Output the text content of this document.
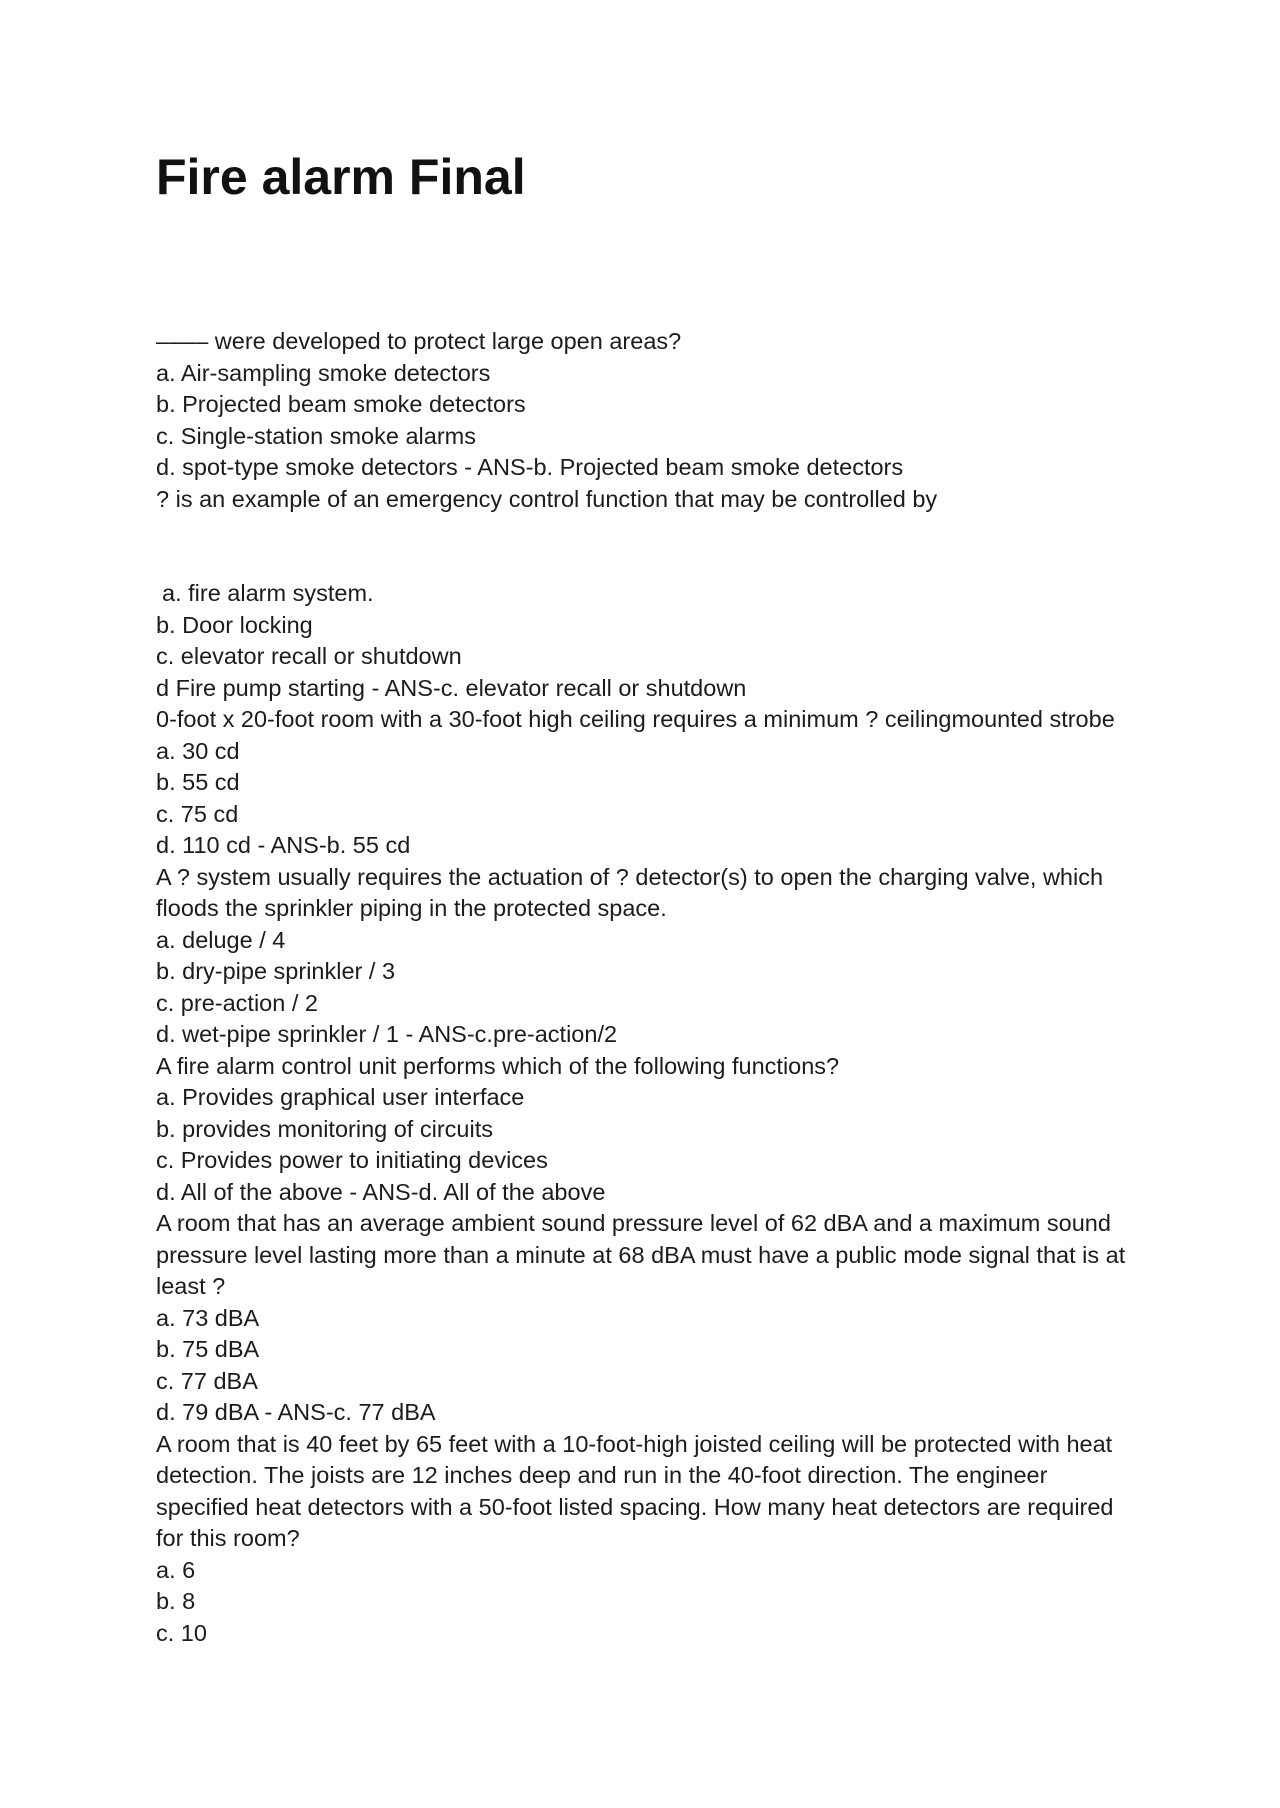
Fire alarm Final
–––– were developed to protect large open areas?
a. Air-sampling smoke detectors
b. Projected beam smoke detectors
c. Single-station smoke alarms
d. spot-type smoke detectors - ANS-b. Projected beam smoke detectors
? is an example of an emergency control function that may be controlled by
a. fire alarm system.
b. Door locking
c. elevator recall or shutdown
d Fire pump starting - ANS-c. elevator recall or shutdown
0-foot x 20-foot room with a 30-foot high ceiling requires a minimum ? ceilingmounted strobe
a. 30 cd
b. 55 cd
c. 75 cd
d. 110 cd - ANS-b. 55 cd
A ? system usually requires the actuation of ? detector(s) to open the charging valve, which floods the sprinkler piping in the protected space.
a. deluge / 4
b. dry-pipe sprinkler / 3
c. pre-action / 2
d. wet-pipe sprinkler / 1 - ANS-c.pre-action/2
A fire alarm control unit performs which of the following functions?
a. Provides graphical user interface
b. provides monitoring of circuits
c. Provides power to initiating devices
d. All of the above - ANS-d. All of the above
A room that has an average ambient sound pressure level of 62 dBA and a maximum sound pressure level lasting more than a minute at 68 dBA must have a public mode signal that is at least ?
a. 73 dBA
b. 75 dBA
c. 77 dBA
d. 79 dBA - ANS-c. 77 dBA
A room that is 40 feet by 65 feet with a 10-foot-high joisted ceiling will be protected with heat detection. The joists are 12 inches deep and run in the 40-foot direction. The engineer specified heat detectors with a 50-foot listed spacing. How many heat detectors are required for this room?
a. 6
b. 8
c. 10
